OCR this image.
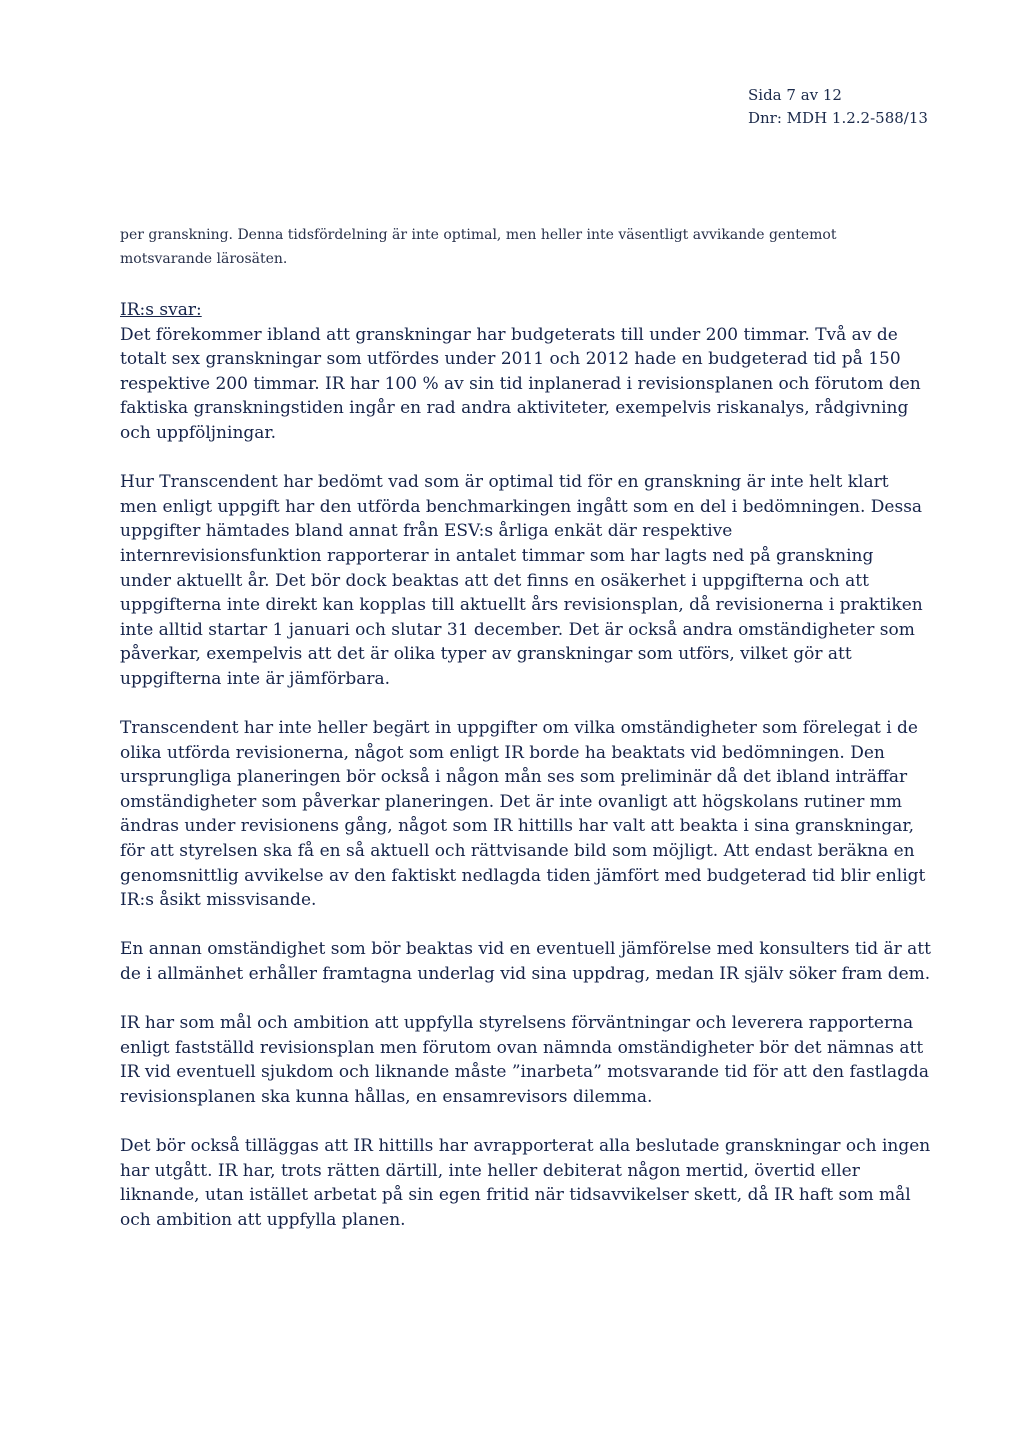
Sida 7 av 12
Dnr: MDH 1.2.2-588/13

per granskning. Denna tidsfördelning är inte optimal, men heller inte väsentligt avvikande gentemot
motsvarande lärosäten.

IR:s svar:
Det förekommer ibland att granskningar har budgeterats till under 200 timmar. Två av de
totalt sex granskningar som utfördes under 2011 och 2012 hade en budgeterad tid på 150
respektive 200 timmar. IR har 100 % av sin tid inplanerad i revisionsplanen och förutom den
faktiska granskningstiden ingår en rad andra aktiviteter, exempelvis riskanalys, rådgivning
och uppföljningar.

Hur Transcendent har bedömt vad som är optimal tid för en granskning är inte helt klart
men enligt uppgift har den utförda benchmarkingen ingått som en del i bedömningen. Dessa
uppgifter hämtades bland annat från ESV:s årliga enkät där respektive
internrevisionsfunktion rapporterar in antalet timmar som har lagts ned på granskning
under aktuellt år. Det bör dock beaktas att det finns en osäkerhet i uppgifterna och att
uppgifterna inte direkt kan kopplas till aktuellt års revisionsplan, då revisionerna i praktiken
inte alltid startar 1 januari och slutar 31 december. Det är också andra omständigheter som
påverkar, exempelvis att det är olika typer av granskningar som utförs, vilket gör att
uppgifterna inte är jämförbara.

Transcendent har inte heller begärt in uppgifter om vilka omständigheter som förelegat i de
olika utförda revisionerna, något som enligt IR borde ha beaktats vid bedömningen. Den
ursprungliga planeringen bör också i någon mån ses som preliminär då det ibland inträffar
omständigheter som påverkar planeringen. Det är inte ovanligt att högskolans rutiner mm
ändras under revisionens gång, något som IR hittills har valt att beakta i sina granskningar,
för att styrelsen ska få en så aktuell och rättvisande bild som möjligt. Att endast beräkna en
genomsnittlig avvikelse av den faktiskt nedlagda tiden jämfört med budgeterad tid blir enligt
IR:s åsikt missvisande.

En annan omständighet som bör beaktas vid en eventuell jämförelse med konsulters tid är att
de i allmänhet erhåller framtagna underlag vid sina uppdrag, medan IR själv söker fram dem.

IR har som mål och ambition att uppfylla styrelsens förväntningar och leverera rapporterna
enligt fastställd revisionsplan men förutom ovan nämnda omständigheter bör det nämnas att
IR vid eventuell sjukdom och liknande måste ”inarbeta” motsvarande tid för att den fastlagda
revisionsplanen ska kunna hållas, en ensamrevisors dilemma.

Det bör också tilläggas att IR hittills har avrapporterat alla beslutade granskningar och ingen
har utgått. IR har, trots rätten därtill, inte heller debiterat någon mertid, övertid eller
liknande, utan istället arbetat på sin egen fritid när tidsavvikelser skett, då IR haft som mål
och ambition att uppfylla planen.
